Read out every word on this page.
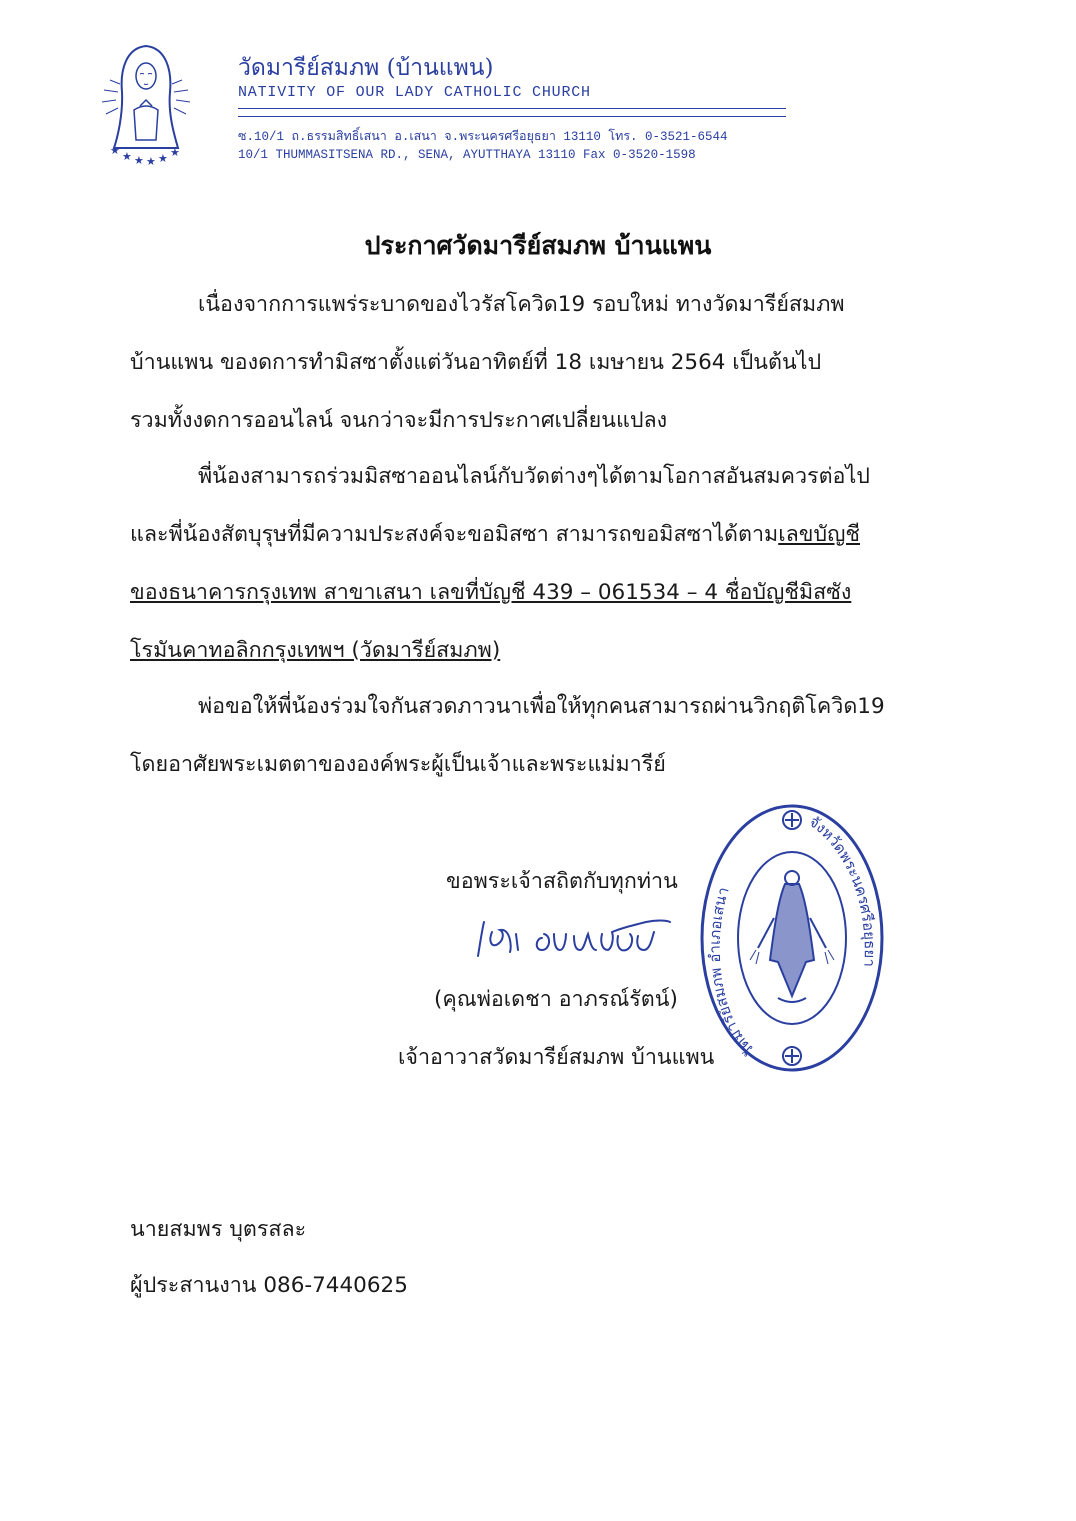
★ ★ ★ ★ ★ ★
วัดมารีย์สมภพ (บ้านแพน)
NATIVITY OF OUR LADY CATHOLIC CHURCH
ซ.10/1 ถ.ธรรมสิทธิ์เสนา อ.เสนา จ.พระนครศรีอยุธยา 13110 โทร. 0-3521-6544
10/1 THUMMASITSENA RD., SENA, AYUTTHAYA 13110 Fax 0-3520-1598
ประกาศวัดมารีย์สมภพ บ้านแพน
เนื่องจากการแพร่ระบาดของไวรัสโควิด19 รอบใหม่ ทางวัดมารีย์สมภพ
บ้านแพน ของดการทำมิสซาตั้งแต่วันอาทิตย์ที่ 18 เมษายน 2564 เป็นต้นไป
รวมทั้งงดการออนไลน์ จนกว่าจะมีการประกาศเปลี่ยนแปลง
พี่น้องสามารถร่วมมิสซาออนไลน์กับวัดต่างๆได้ตามโอกาสอันสมควรต่อไป
และพี่น้องสัตบุรุษที่มีความประสงค์จะขอมิสซา สามารถขอมิสซาได้ตามเลขบัญชี
ของธนาคารกรุงเทพ สาขาเสนา เลขที่บัญชี 439 – 061534 – 4 ชื่อบัญชีมิสซัง
โรมันคาทอลิกกรุงเทพฯ (วัดมารีย์สมภพ)
พ่อขอให้พี่น้องร่วมใจกันสวดภาวนาเพื่อให้ทุกคนสามารถผ่านวิกฤติโควิด19
โดยอาศัยพระเมตตาขององค์พระผู้เป็นเจ้าและพระแม่มารีย์
วัดมารีย์สมภพ อำเภอเสนา
จังหวัดพระนครศรีอยุธยา
ขอพระเจ้าสถิตกับทุกท่าน
(คุณพ่อเดชา อาภรณ์รัตน์)
เจ้าอาวาสวัดมารีย์สมภพ บ้านแพน
นายสมพร บุตรสละ
ผู้ประสานงาน 086-7440625
